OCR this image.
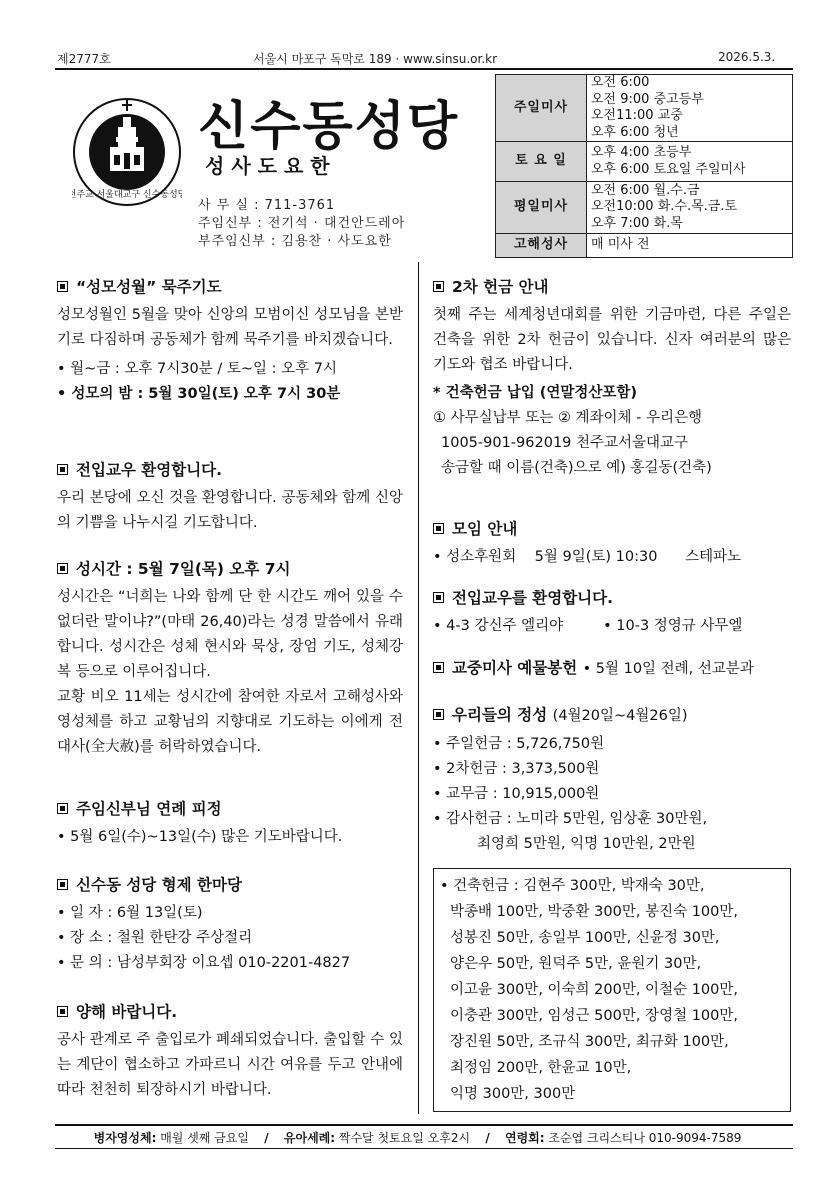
제2777호	서울시 마포구 독막로 189 · www.sinsu.or.kr	2026.5.3.
천주교 서울대교구 신수동성당
신수동성당
성사도요한
사 무 실 : 711-3761
주임신부 : 전기석 · 대건안드레아
부주임신부 : 김용찬 · 사도요한
주일미사	오전 6:00
오전 9:00 중고등부
오전11:00 교중
오후 6:00 청년

토 요 일	오후 4:00 초등부
오후 6:00 토요일 주일미사

평일미사	오전 6:00 월.수.금
오전10:00 화.수.목.금.토
오후 7:00 화.목

고해성사	매 미사 전
“성모성월” 묵주기도
성모성월인 5월을 맞아 신앙의 모범이신 성모님을 본받기로 다짐하며 공동체가 함께 묵주기를 바치겠습니다.
• 월~금 : 오후 7시30분 / 토~일 : 오후 7시
• 성모의 밤 : 5월 30일(토) 오후 7시 30분
전입교우 환영합니다.
우리 본당에 오신 것을 환영합니다. 공동체와 함께 신앙의 기쁨을 나누시길 기도합니다.
성시간 : 5월 7일(목) 오후 7시
성시간은 “너희는 나와 함께 단 한 시간도 깨어 있을 수 없더란 말이냐?”(마태 26,40)라는 성경 말씀에서 유래합니다. 성시간은 성체 현시와 묵상, 장엄 기도, 성체강복 등으로 이루어집니다.
교황 비오 11세는 성시간에 참여한 자로서 고해성사와 영성체를 하고 교황님의 지향대로 기도하는 이에게 전대사(全大赦)를 허락하였습니다.
주임신부님 연례 피정
• 5월 6일(수)~13일(수) 많은 기도바랍니다.
신수동 성당 형제 한마당
• 일 자 : 6월 13일(토)
• 장 소 : 철원 한탄강 주상절리
• 문 의 : 남성부회장 이요셉 010-2201-4827
양해 바랍니다.
공사 관계로 주 출입로가 폐쇄되었습니다. 출입할 수 있는 계단이 협소하고 가파르니 시간 여유를 두고 안내에 따라 천천히 퇴장하시기 바랍니다.
2차 헌금 안내
첫째 주는 세계청년대회를 위한 기금마련, 다른 주일은 건축을 위한 2차 헌금이 있습니다. 신자 여러분의 많은 기도와 협조 바랍니다.
* 건축헌금 납입 (연말정산포함)
① 사무실납부 또는 ② 계좌이체 - 우리은행
1005-901-962019 천주교서울대교구
송금할 때 이름(건축)으로 예) 홍길동(건축)
모임 안내
• 성소후원회    5월 9일(토) 10:30      스테파노
전입교우를 환영합니다.
• 4-3 강신주 엘리야	• 10-3 정영규 사무엘
교중미사 예물봉헌 • 5월 10일 전례, 선교분과
우리들의 정성 (4월20일~4월26일)
• 주일헌금 : 5,726,750원
• 2차헌금 : 3,373,500원
• 교무금 : 10,915,000원
• 감사헌금 : 노미라 5만원, 임상훈 30만원,
최영희 5만원, 익명 10만원, 2만원
• 건축헌금 : 김현주 300만, 박재숙 30만,
박종배 100만, 박중환 300만, 봉진숙 100만,
성봉진 50만, 송일부 100만, 신윤정 30만,
양은우 50만, 원덕주 5만, 윤원기 30만,
이고윤 300만, 이숙희 200만, 이철순 100만,
이충관 300만, 임성근 500만, 장영철 100만,
장진원 50만, 조규식 300만, 최규화 100만,
최정임 200만, 한윤교 10만,
익명 300만, 300만
병자영성체: 매월 셋째 금요일 / 유아세례: 짝수달 첫토요일 오후2시 / 연령회: 조순엽 크리스티나 010-9094-7589
